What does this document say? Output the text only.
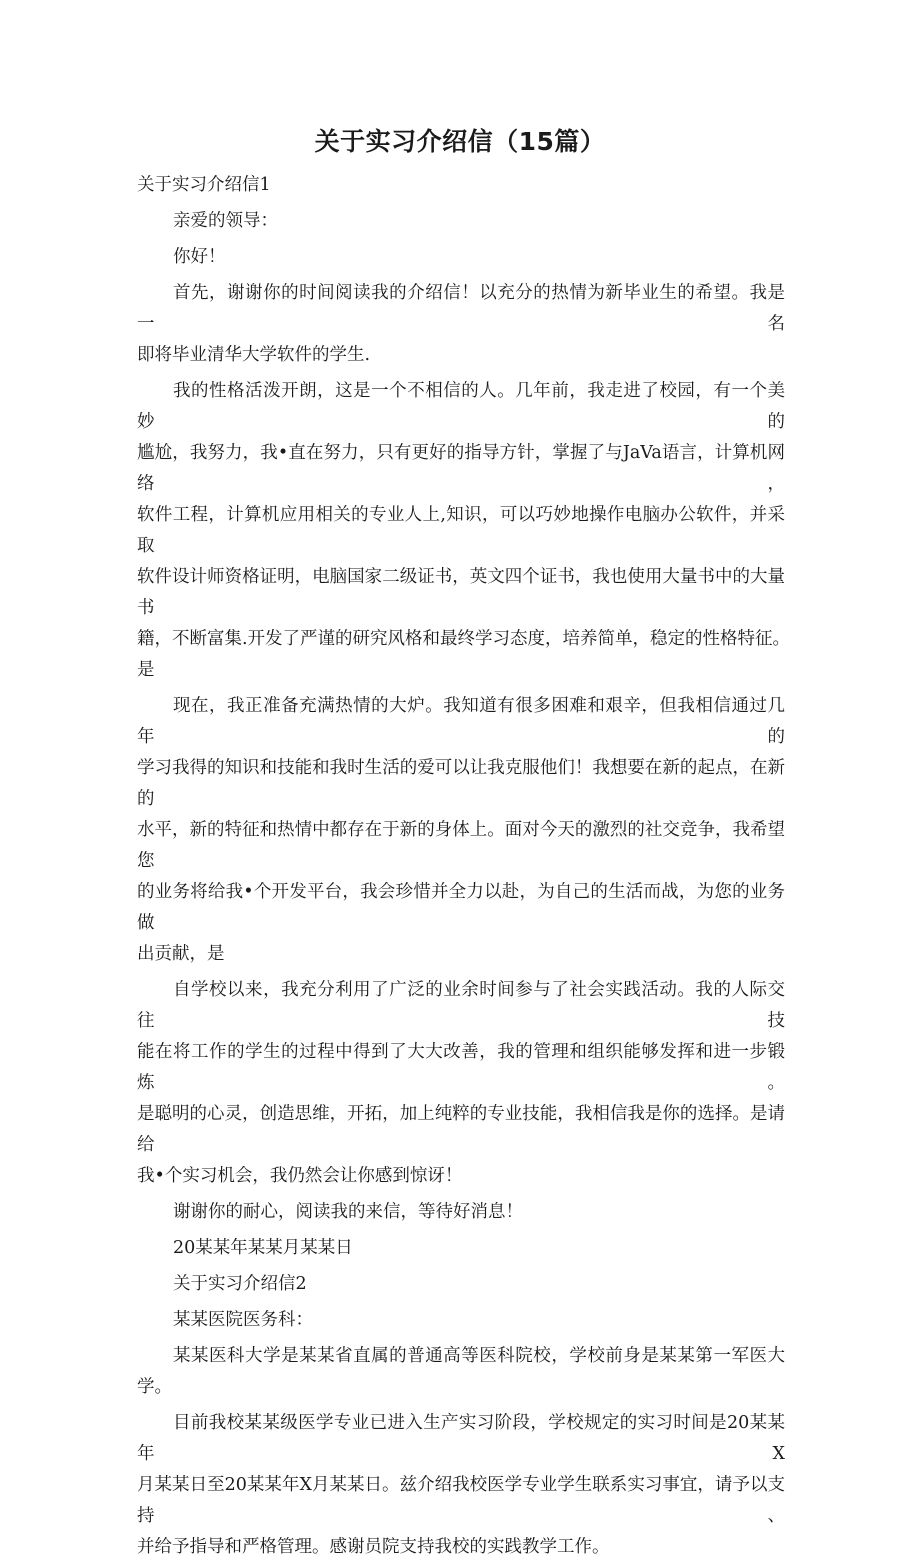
关于实习介绍信（15篇）
关于实习介绍信1
亲爱的领导：
你好！
首先，谢谢你的时间阅读我的介绍信！以充分的热情为新毕业生的希望。我是一名
即将毕业清华大学软件的学生.
我的性格活泼开朗，这是一个不相信的人。几年前，我走进了校园，有一个美妙的
尴尬，我努力，我•直在努力，只有更好的指导方针，掌握了与JaVa语言，计算机网络，
软件工程，计算机应用相关的专业人上,知识，可以巧妙地操作电脑办公软件，并采取
软件设计师资格证明，电脑国家二级证书，英文四个证书，我也使用大量书中的大量书
籍，不断富集.开发了严谨的研究风格和最终学习态度，培养简单，稳定的性格特征。
是
现在，我正准备充满热情的大炉。我知道有很多困难和艰辛，但我相信通过几年的
学习我得的知识和技能和我时生活的爱可以让我克服他们！我想要在新的起点，在新的
水平，新的特征和热情中都存在于新的身体上。面对今天的激烈的社交竞争，我希望您
的业务将给我•个开发平台，我会珍惜并全力以赴，为自己的生活而战，为您的业务做
出贡献，是
自学校以来，我充分利用了广泛的业余时间参与了社会实践活动。我的人际交往技
能在将工作的学生的过程中得到了大大改善，我的管理和组织能够发挥和进一步锻炼。
是聪明的心灵，创造思维，开拓，加上纯粹的专业技能，我相信我是你的选择。是请给
我•个实习机会，我仍然会让你感到惊讶！
谢谢你的耐心，阅读我的来信，等待好消息！
20某某年某某月某某日
关于实习介绍信2
某某医院医务科：
某某医科大学是某某省直属的普通高等医科院校，学校前身是某某第一军医大学。
目前我校某某级医学专业已进入生产实习阶段，学校规定的实习时间是20某某年X
月某某日至20某某年X月某某日。兹介绍我校医学专业学生联系实习事宜，请予以支持、
并给予指导和严格管理。感谢员院支持我校的实践教学工作。
